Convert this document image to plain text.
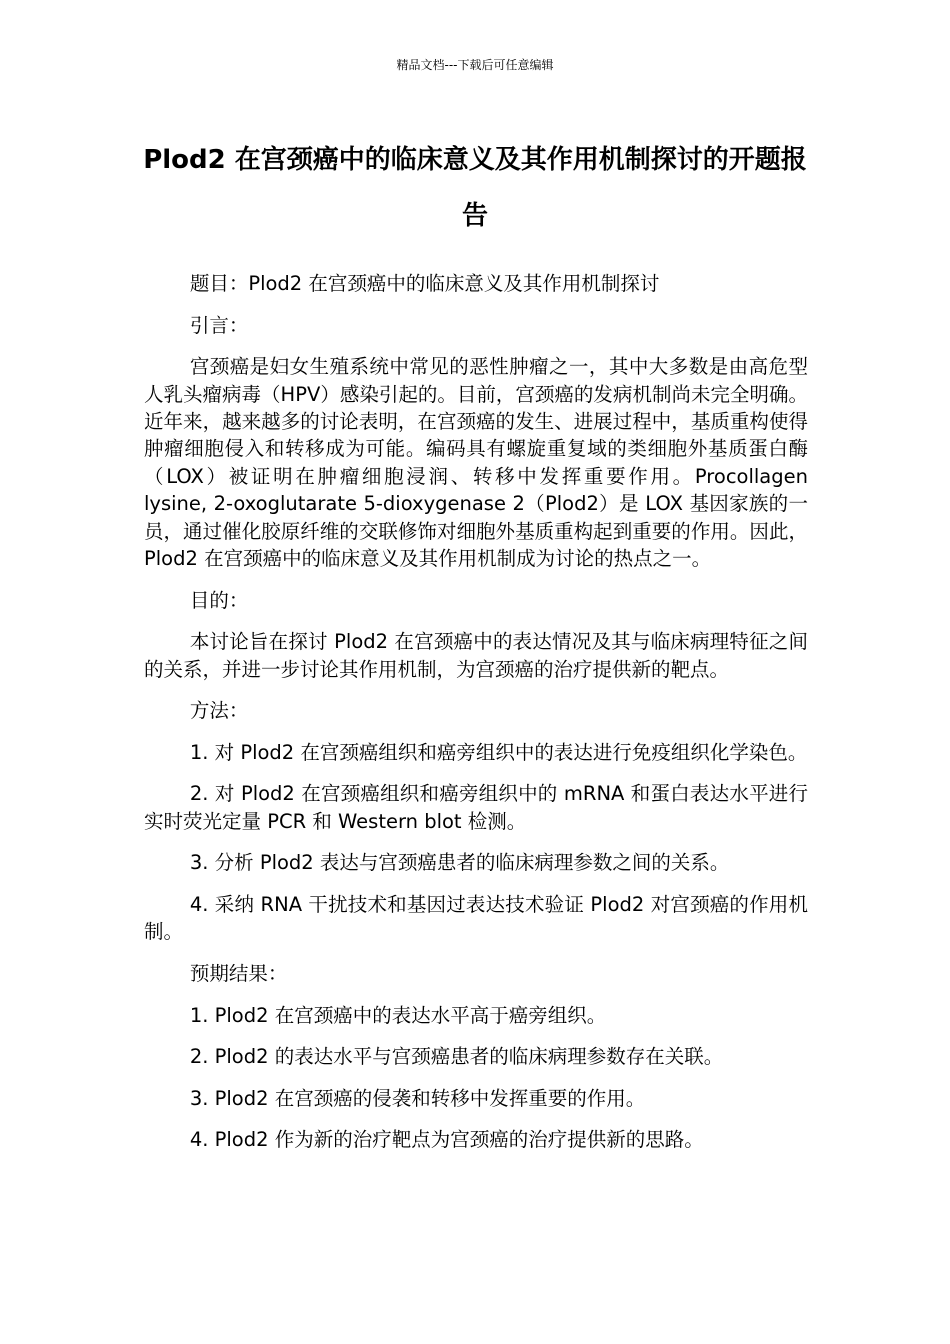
精品文档---下载后可任意编辑
Plod2 在宫颈癌中的临床意义及其作用机制探讨的开题报告

题目：Plod2 在宫颈癌中的临床意义及其作用机制探讨

引言：

宫颈癌是妇女生殖系统中常见的恶性肿瘤之一，其中大多数是由高危型人乳头瘤病毒（HPV）感染引起的。目前，宫颈癌的发病机制尚未完全明确。近年来，越来越多的讨论表明，在宫颈癌的发生、进展过程中，基质重构使得肿瘤细胞侵入和转移成为可能。编码具有螺旋重复域的类细胞外基质蛋白酶（LOX）被证明在肿瘤细胞浸润、转移中发挥重要作用。Procollagen lysine, 2-oxoglutarate 5-dioxygenase 2（Plod2）是 LOX 基因家族的一员，通过催化胶原纤维的交联修饰对细胞外基质重构起到重要的作用。因此，Plod2 在宫颈癌中的临床意义及其作用机制成为讨论的热点之一。

目的：

本讨论旨在探讨 Plod2 在宫颈癌中的表达情况及其与临床病理特征之间的关系，并进一步讨论其作用机制，为宫颈癌的治疗提供新的靶点。

方法：

1. 对 Plod2 在宫颈癌组织和癌旁组织中的表达进行免疫组织化学染色。

2. 对 Plod2 在宫颈癌组织和癌旁组织中的 mRNA 和蛋白表达水平进行实时荧光定量 PCR 和 Western blot 检测。

3. 分析 Plod2 表达与宫颈癌患者的临床病理参数之间的关系。

4. 采纳 RNA 干扰技术和基因过表达技术验证 Plod2 对宫颈癌的作用机制。

预期结果：

1. Plod2 在宫颈癌中的表达水平高于癌旁组织。

2. Plod2 的表达水平与宫颈癌患者的临床病理参数存在关联。

3. Plod2 在宫颈癌的侵袭和转移中发挥重要的作用。

4. Plod2 作为新的治疗靶点为宫颈癌的治疗提供新的思路。
